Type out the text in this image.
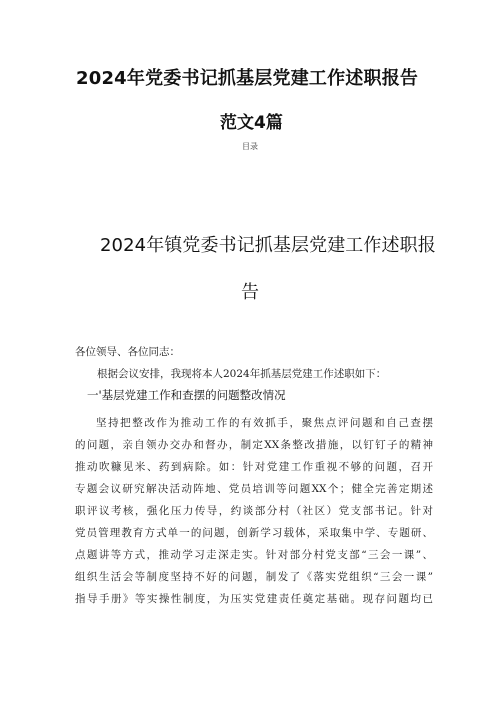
2024年党委书记抓基层党建工作述职报告
范文4篇
目录
2024年镇党委书记抓基层党建工作述职报
告
各位领导、各位同志：
根据会议安排，我现将本人2024年抓基层党建工作述职如下：
一'基层党建工作和查摆的问题整改情况
坚持把整改作为推动工作的有效抓手，聚焦点评问题和自己查摆
的问题，亲自领办交办和督办，制定XX条整改措施，以钉钉子的精神
推动吹糠见米、药到病除。如：针对党建工作重视不够的问题，召开
专题会议研究解决活动阵地、党员培训等问题XX个；健全完善定期述
职评议考核，强化压力传导，约谈部分村（社区）党支部书记。针对
党员管理教育方式单一的问题，创新学习载体，采取集中学、专题研、
点题讲等方式，推动学习走深走实。针对部分村党支部“三会一课”、
组织生活会等制度坚持不好的问题，制发了《落实党组织“三会一课”
指导手册》等实操性制度，为压实党建责任奠定基础。现存问题均已
